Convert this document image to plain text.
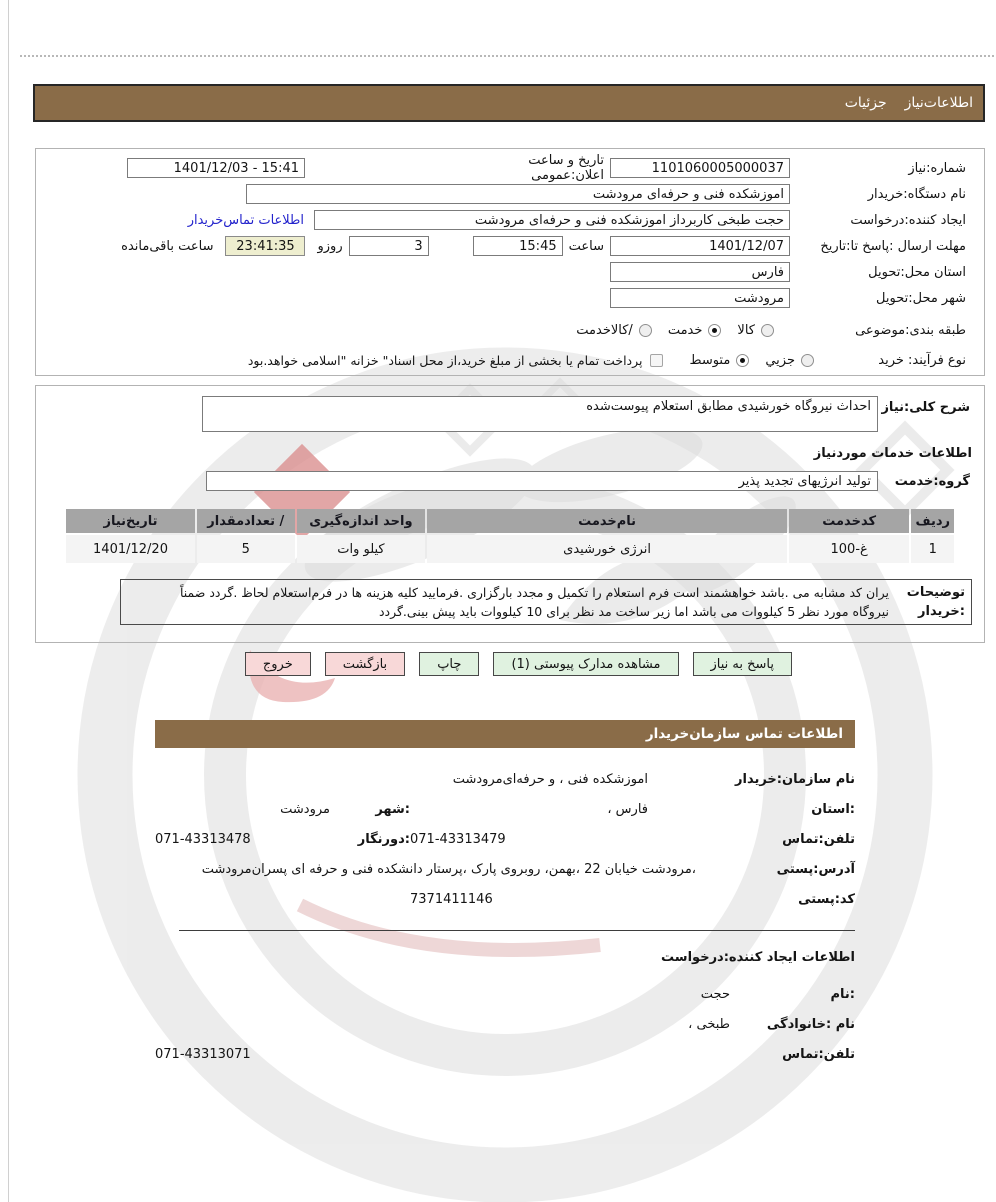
اطلاعات‌نیاز
جزئیات
شماره:نیاز
1101060005000037
تاریخ و ساعت اعلان:عمومی
1401/12/03 - 15:41
نام دستگاه:خریدار
اموزشکده فنی و حرفه‌ای مرودشت
ایجاد کننده:درخواست
حجت طبخی کاربرداز اموزشکده فنی و حرفه‌ای مرودشت
اطلاعات تماس‌خریدار
مهلت ارسال :پاسخ تا:تاریخ
1401/12/07
ساعت
15:45
3
روزو
23:41:35
ساعت باقی‌مانده
استان محل:تحویل
فارس
شهر محل:تحویل
مرودشت
طبقه بندی:موضوعی
کالا
خدمت
/کالاخدمت
نوع فرآیند: خرید
جزیي
متوسط
پرداخت تمام یا بخشی از مبلغ خرید،از محل اسناد" خزانه "اسلامی خواهد.بود
شرح کلی:نیاز
احداث نیروگاه خورشیدی مطابق استعلام پیوست‌شده
اطلاعات خدمات موردنیاز
گروه:خدمت
تولید انرژیهای تجدید پذیر
ردیف	کدخدمت	نام‌خدمت	واحد اندازه‌گیری	/ تعدادمقدار	تاریخ‌نیاز
1	غ-100	انرژی خورشیدی	کیلو وات	5	1401/12/20
توضیحات
:خریدار
یران کد مشابه می .باشد خواهشمند است فرم استعلام را تکمیل و مجدد بارگزاری .فرمایید کلیه هزینه ها در فرم‌استعلام لحاظ .گردد ضمناً
نیروگاه مورد نظر 5 کیلووات می باشد اما زیر ساخت مد نظر برای 10 کیلووات باید پیش بینی.گردد
پاسخ به نیاز
مشاهده مدارک پیوستی (1)
چاپ
بازگشت
خروج
اطلاعات تماس سازمان‌خریدار
نام سازمان:خریدار
اموزشکده فنی ، و حرفه‌ای‌مرودشت
:استان
فارس ،
:شهر
مرودشت
تلفن:تماس
071-43313479
:دورنگار
071-43313478
آدرس:پستی
،مرودشت خیابان 22 ،بهمن، روبروی پارک ،پرستار دانشکده فنی و حرفه ای پسران‌مرودشت
کد:پستی
7371411146
اطلاعات ایجاد کننده:درخواست
:نام
حجت
نام :خانوادگی
طبخی ،
تلفن:تماس
071-43313071
